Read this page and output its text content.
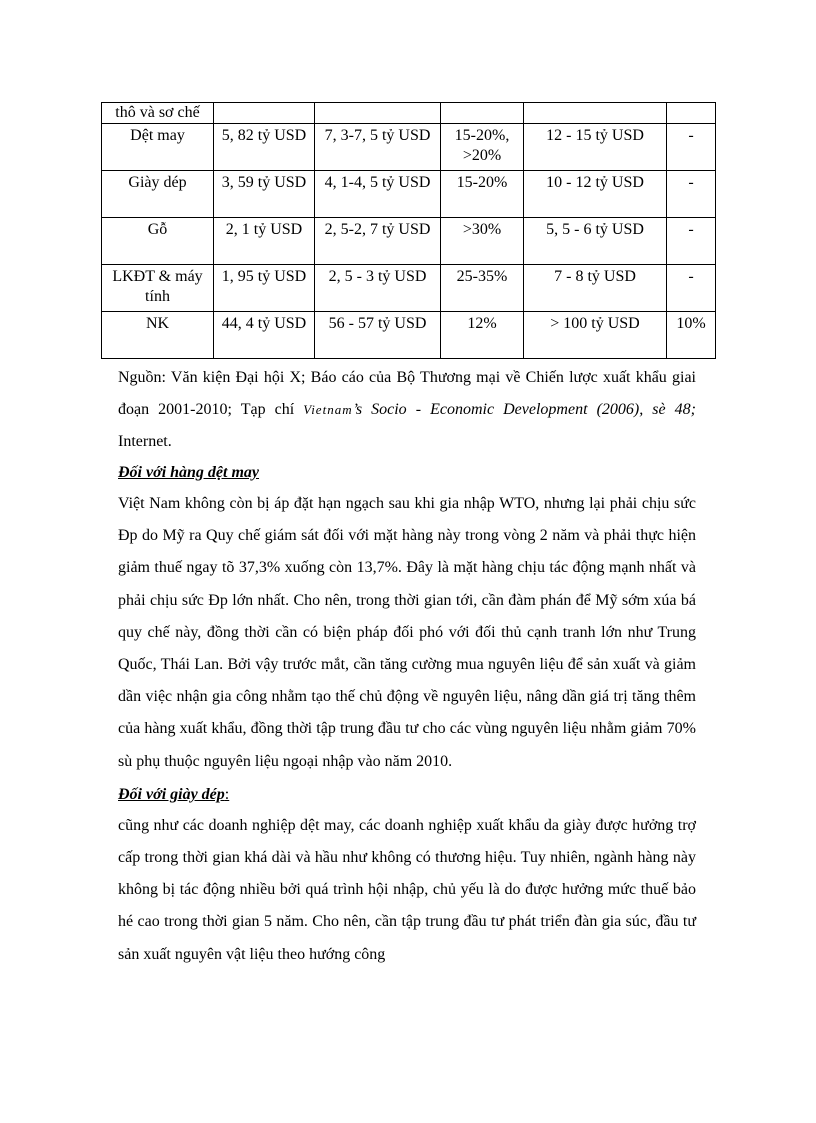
thô và sơ chế					
Dệt may	5, 82 tỷ USD	7, 3-7, 5 tỷ USD	15-20%, >20%	12 - 15 tỷ USD	-
Giày dép	3, 59 tỷ USD	4, 1-4, 5 tỷ USD	15-20%	10 - 12 tỷ USD	-
Gỗ	2, 1 tỷ USD	2, 5-2, 7 tỷ USD	>30%	5, 5 - 6 tỷ USD	-
LKĐT & máy tính	1, 95 tỷ USD	2, 5 - 3 tỷ USD	25-35%	7 - 8 tỷ USD	-
NK	44, 4 tỷ USD	56 - 57 tỷ USD	12%	> 100 tỷ USD	10%

Nguồn: Văn kiện Đại hội X; Báo cáo của Bộ Thương mại về Chiến lược xuất khẩu giai đoạn 2001-2010; Tạp chí Vietnam’s Socio - Economic Development (2006), sè 48; Internet.

Đối với hàng dệt may

Việt Nam không còn bị áp đặt hạn ngạch sau khi gia nhập WTO, nhưng lại phải chịu sức Đp do Mỹ ra Quy chế giám sát đối với mặt hàng này trong vòng 2 năm và phải thực hiện giảm thuế ngay tõ 37,3% xuống còn 13,7%. Đây là mặt hàng chịu tác động mạnh nhất và phải chịu sức Đp lớn nhất. Cho nên, trong thời gian tới, cần đàm phán để Mỹ sớm xúa bá quy chế này, đồng thời cần có biện pháp đối phó với đối thủ cạnh tranh lớn như Trung Quốc, Thái Lan. Bởi vậy trước mắt, cần tăng cường mua nguyên liệu để sản xuất và giảm dần việc nhận gia công nhằm tạo thế chủ động về nguyên liệu, nâng dần giá trị tăng thêm của hàng xuất khẩu, đồng thời tập trung đầu tư cho các vùng nguyên liệu nhằm giảm 70% sù phụ thuộc nguyên liệu ngoại nhập vào năm 2010.

Đối với giày dép:

cũng như các doanh nghiệp dệt may, các doanh nghiệp xuất khẩu da giày được hưởng trợ cấp trong thời gian khá dài và hầu như không có thương hiệu. Tuy nhiên, ngành hàng này không bị tác động nhiều bởi quá trình hội nhập, chủ yếu là do được hưởng mức thuế bảo hé cao trong thời gian 5 năm. Cho nên, cần tập trung đầu tư phát triển đàn gia súc, đầu tư sản xuất nguyên vật liệu theo hướng công
